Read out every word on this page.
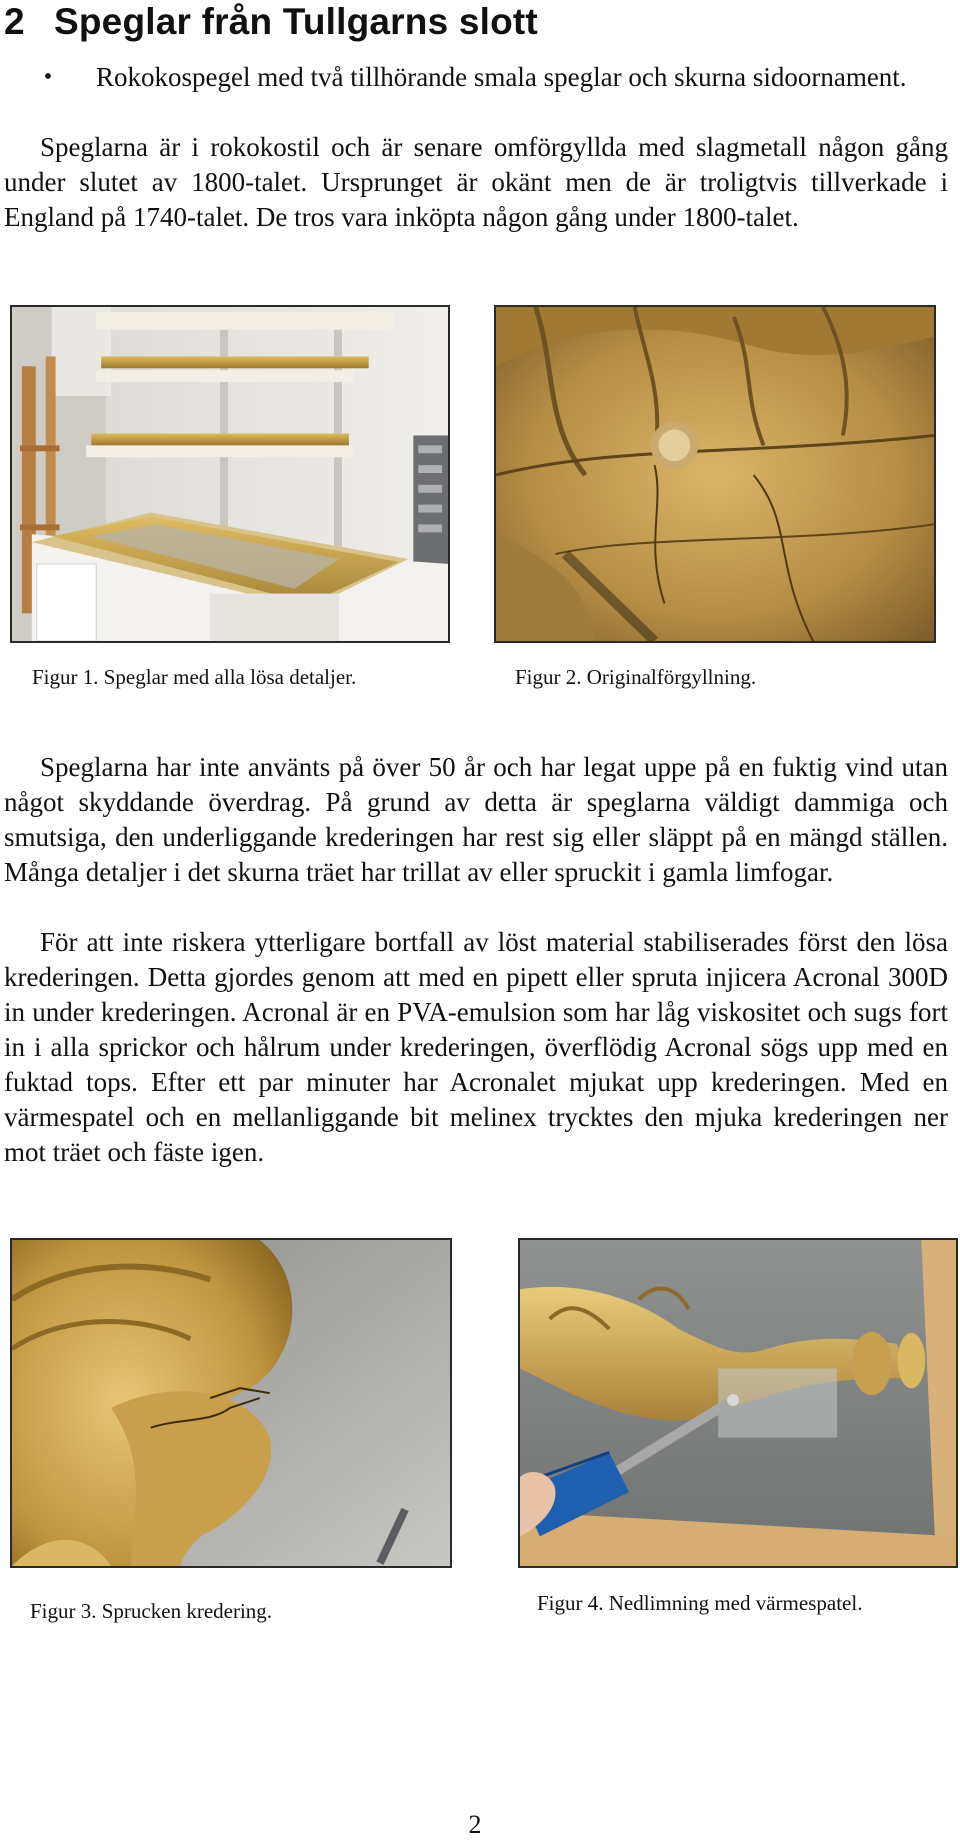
2 Speglar från Tullgarns slott
•	Rokokospegel med två tillhörande smala speglar och skurna sidoornament.

Speglarna är i rokokostil och är senare omförgyllda med slagmetall någon gång under slutet av 1800-talet. Ursprunget är okänt men de är troligtvis tillverkade i England på 1740-talet. De tros vara inköpta någon gång under 1800-talet.

Figur 1. Speglar med alla lösa detaljer.	Figur 2. Originalförgyllning.

Speglarna har inte använts på över 50 år och har legat uppe på en fuktig vind utan något skyddande överdrag. På grund av detta är speglarna väldigt dammiga och smutsiga, den underliggande krederingen har rest sig eller släppt på en mängd ställen. Många detaljer i det skurna träet har trillat av eller spruckit i gamla limfogar.

För att inte riskera ytterligare bortfall av löst material stabiliserades först den lösa krederingen. Detta gjordes genom att med en pipett eller spruta injicera Acronal 300D in under krederingen. Acronal är en PVA-emulsion som har låg viskositet och sugs fort in i alla sprickor och hålrum under krederingen, överflödig Acronal sögs upp med en fuktad tops. Efter ett par minuter har Acronalet mjukat upp krederingen. Med en värmespatel och en mellanliggande bit melinex trycktes den mjuka krederingen ner mot träet och fäste igen.

Figur 3. Sprucken kredering.	Figur 4. Nedlimning med värmespatel.
2
